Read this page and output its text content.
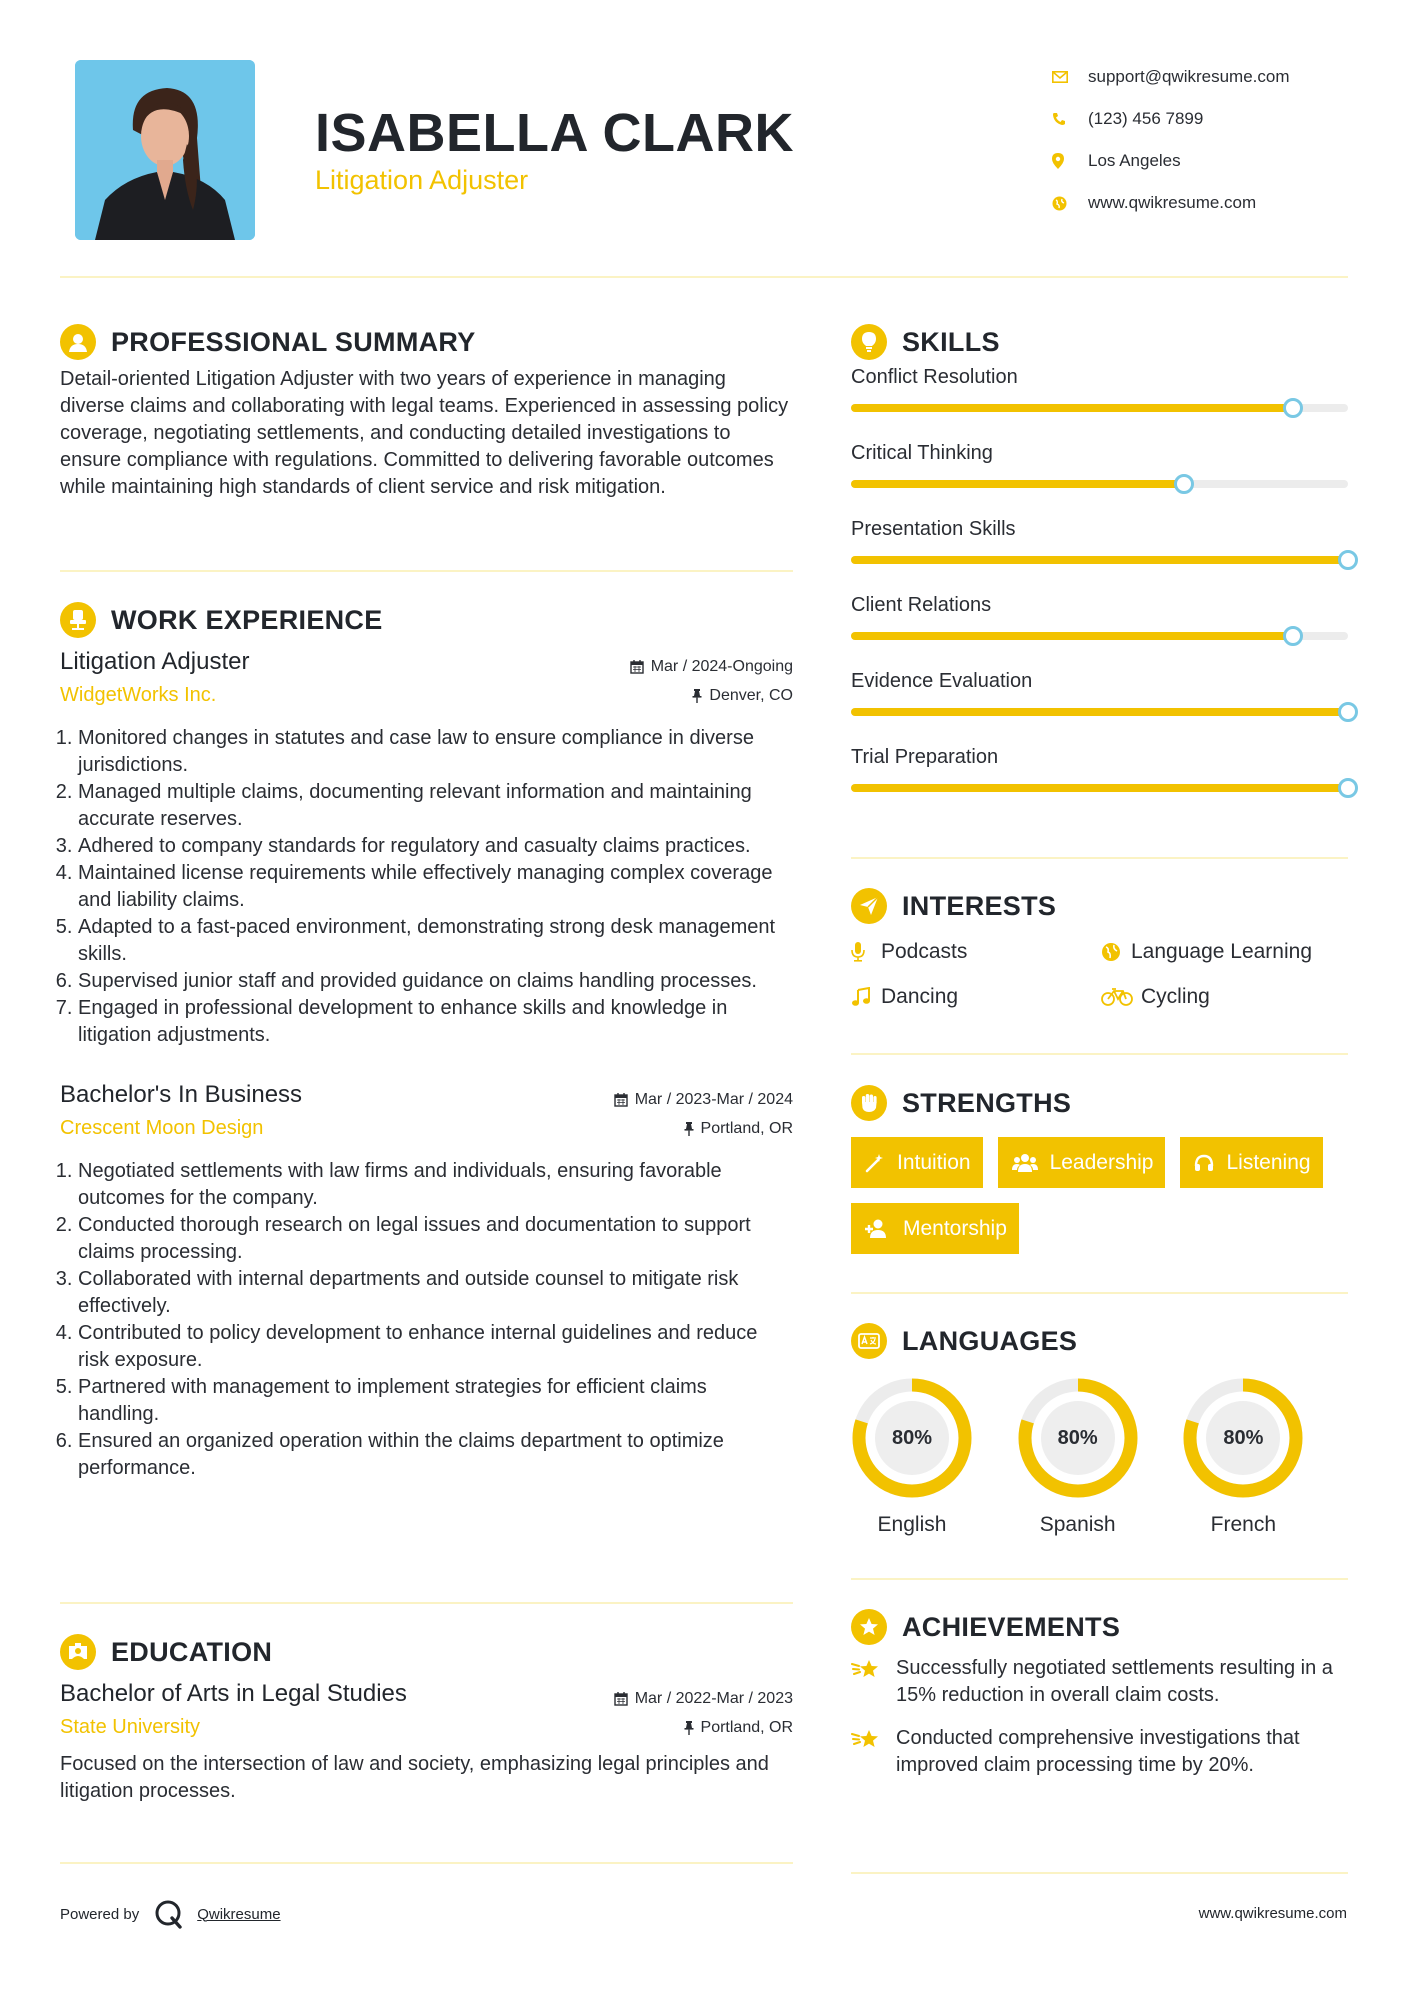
ISABELLA CLARK
Litigation Adjuster
support@qwikresume.com
(123) 456 7899
Los Angeles
www.qwikresume.com
PROFESSIONAL SUMMARY
Detail-oriented Litigation Adjuster with two years of experience in managing diverse claims and collaborating with legal teams. Experienced in assessing policy coverage, negotiating settlements, and conducting detailed investigations to ensure compliance with regulations. Committed to delivering favorable outcomes while maintaining high standards of client service and risk mitigation.
WORK EXPERIENCE
Litigation Adjuster	Mar / 2024-Ongoing
WidgetWorks Inc.	Denver, CO
1. Monitored changes in statutes and case law to ensure compliance in diverse jurisdictions.
2. Managed multiple claims, documenting relevant information and maintaining accurate reserves.
3. Adhered to company standards for regulatory and casualty claims practices.
4. Maintained license requirements while effectively managing complex coverage and liability claims.
5. Adapted to a fast-paced environment, demonstrating strong desk management skills.
6. Supervised junior staff and provided guidance on claims handling processes.
7. Engaged in professional development to enhance skills and knowledge in litigation adjustments.
Bachelor's In Business	Mar / 2023-Mar / 2024
Crescent Moon Design	Portland, OR
1. Negotiated settlements with law firms and individuals, ensuring favorable outcomes for the company.
2. Conducted thorough research on legal issues and documentation to support claims processing.
3. Collaborated with internal departments and outside counsel to mitigate risk effectively.
4. Contributed to policy development to enhance internal guidelines and reduce risk exposure.
5. Partnered with management to implement strategies for efficient claims handling.
6. Ensured an organized operation within the claims department to optimize performance.
EDUCATION
Bachelor of Arts in Legal Studies	Mar / 2022-Mar / 2023
State University	Portland, OR
Focused on the intersection of law and society, emphasizing legal principles and litigation processes.
SKILLS
Conflict Resolution
Critical Thinking
Presentation Skills
Client Relations
Evidence Evaluation
Trial Preparation
INTERESTS
Podcasts	Language Learning
Dancing	Cycling
STRENGTHS
Intuition	Leadership	Listening
Mentorship
LANGUAGES
80%
English
80%
Spanish
80%
French
ACHIEVEMENTS
Successfully negotiated settlements resulting in a 15% reduction in overall claim costs.
Conducted comprehensive investigations that improved claim processing time by 20%.
Powered by	Qwikresume	www.qwikresume.com
